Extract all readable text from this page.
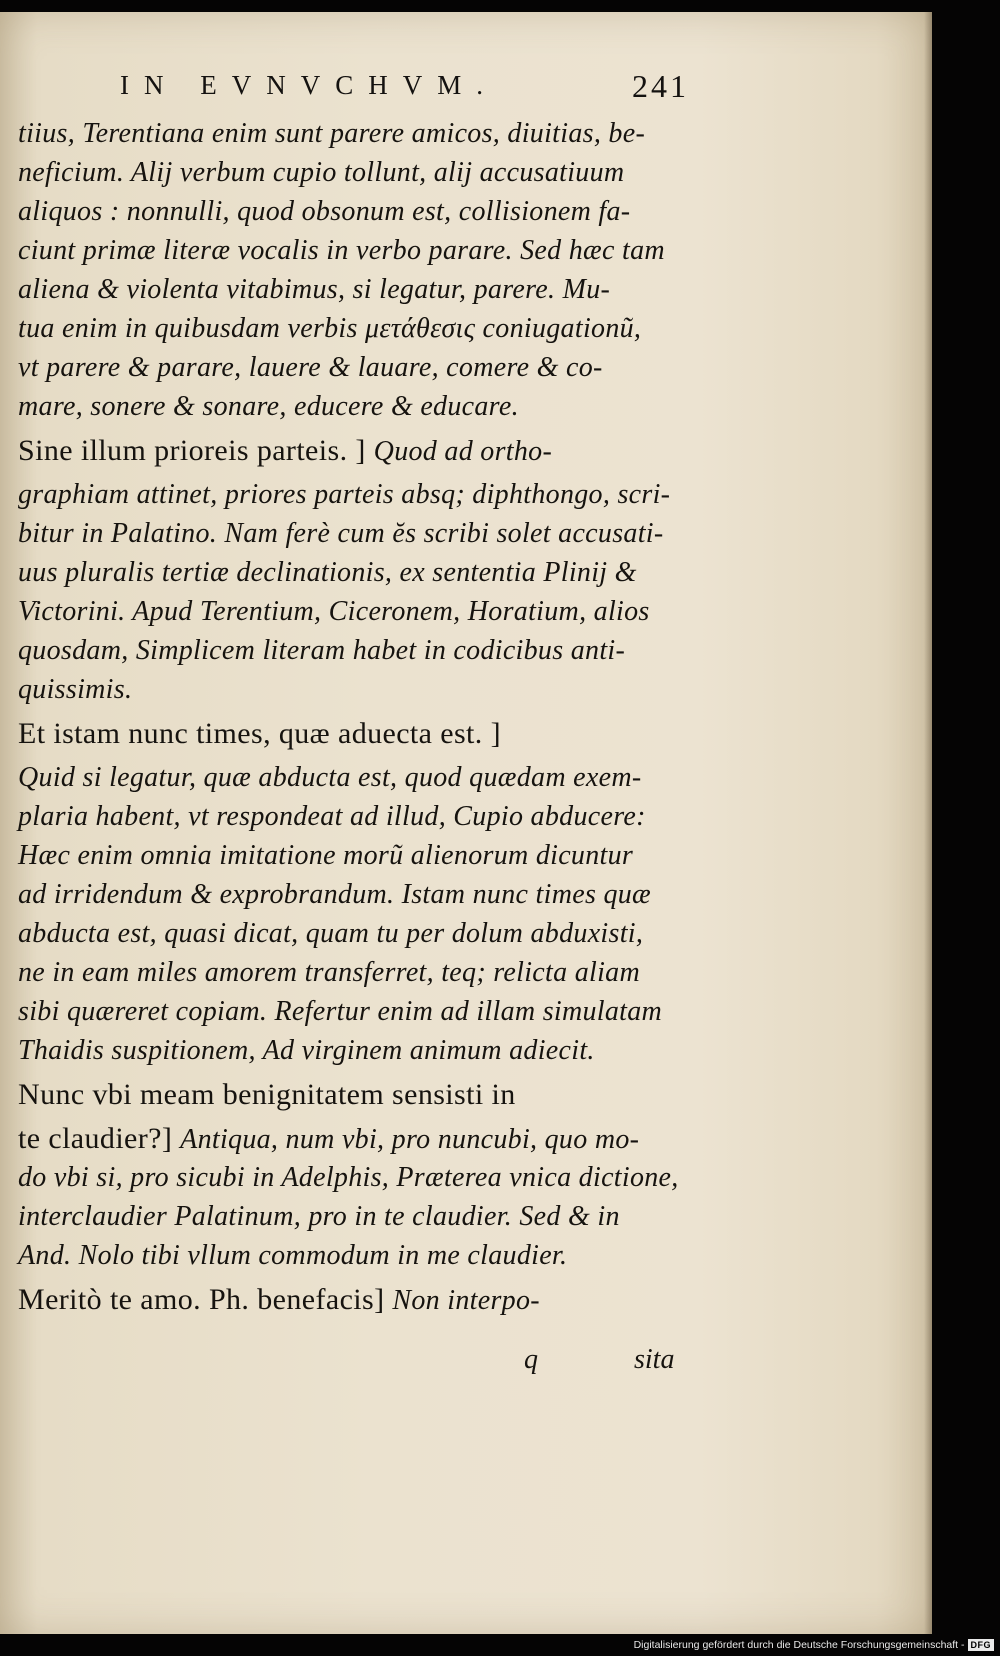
IN EVNVCHVM.	241
tiius, Terentiana enim sunt parere amicos, diuitias, be-
neficium. Alij verbum cupio tollunt, alij accusatiuum
aliquos : nonnulli, quod obsonum est, collisionem fa-
ciunt primæ literæ vocalis in verbo parare. Sed hæc tam
aliena & violenta vitabimus, si legatur, parere. Mu-
tua enim in quibusdam verbis μετάθεσις coniugationũ,
vt parere & parare, lauere & lauare, comere & co-
mare, sonere & sonare, educere & educare.
Sine illum prioreis parteis. ] Quod ad ortho-
graphiam attinet, priores parteis absq; diphthongo, scri-
bitur in Palatino. Nam ferè cum ĕs scribi solet accusati-
uus pluralis tertiæ declinationis, ex sententia Plinij &
Victorini. Apud Terentium, Ciceronem, Horatium, alios
quosdam, Simplicem literam habet in codicibus anti-
quissimis.
Et istam nunc times, quæ aduecta est. ]
Quid si legatur, quæ abducta est, quod quædam exem-
plaria habent, vt respondeat ad illud, Cupio abducere:
Hæc enim omnia imitatione morũ alienorum dicuntur
ad irridendum & exprobrandum. Istam nunc times quæ
abducta est, quasi dicat, quam tu per dolum abduxisti,
ne in eam miles amorem transferret, teq; relicta aliam
sibi quæreret copiam. Refertur enim ad illam simulatam
Thaidis suspitionem, Ad virginem animum adiecit.
Nunc vbi meam benignitatem sensisti in
te claudier?] Antiqua, num vbi, pro nuncubi, quo mo-
do vbi si, pro sicubi in Adelphis, Præterea vnica dictione,
interclaudier Palatinum, pro in te claudier. Sed & in
And. Nolo tibi vllum commodum in me claudier.
Meritò te amo. Ph. benefacis] Non interpo-
q	sita
Digitalisierung gefördert durch die Deutsche Forschungsgemeinschaft - DFG
